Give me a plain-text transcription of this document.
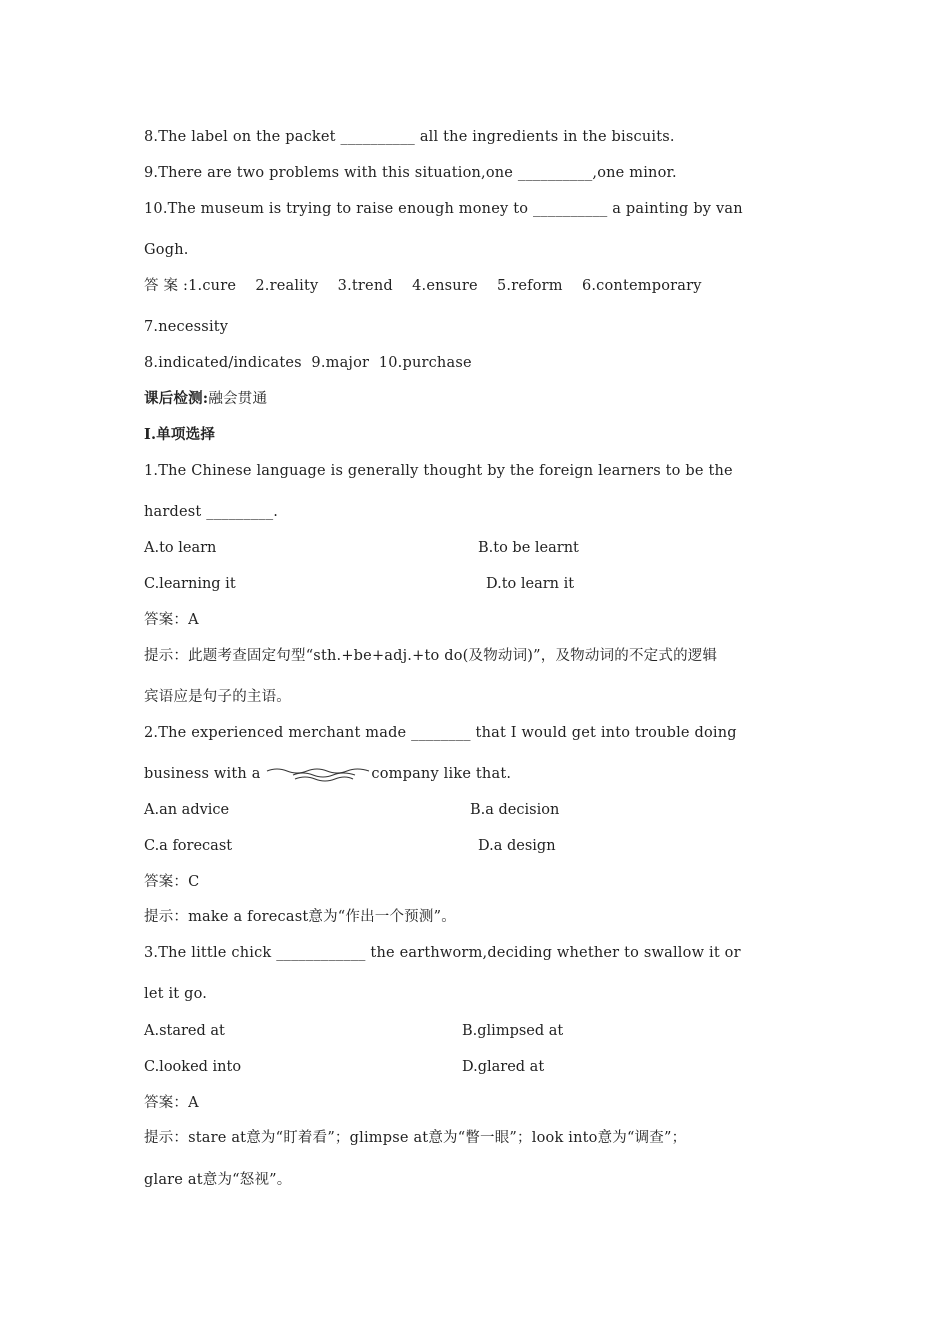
8.The label on the packet __________ all the ingredients in the biscuits.
9.There are two problems with this situation,one __________,one minor.
10.The museum is trying to raise enough money to __________ a painting by van
Gogh.
答 案 :1.cure    2.reality    3.trend    4.ensure    5.reform    6.contemporary
7.necessity
8.indicated/indicates  9.major  10.purchase
课后检测:融会贯通
Ⅰ.单项选择
1.The Chinese language is generally thought by the foreign learners to be the
hardest _________.
A.to learn	B.to be learnt
C.learning it	D.to learn it
答案：A
提示：此题考查固定句型“sth.+be+adj.+to do(及物动词)”，及物动词的不定式的逻辑
宾语应是句子的主语。
2.The experienced merchant made ________ that I would get into trouble doing
business with a	company like that.
A.an advice	B.a decision
C.a forecast	D.a design
答案：C
提示：make a forecast意为“作出一个预测”。
3.The little chick ____________ the earthworm,deciding whether to swallow it or
let it go.
A.stared at	B.glimpsed at
C.looked into	D.glared at
答案：A
提示：stare at意为“盯着看”；glimpse at意为“瞥一眼”；look into意为“调查”；
glare at意为“怒视”。
